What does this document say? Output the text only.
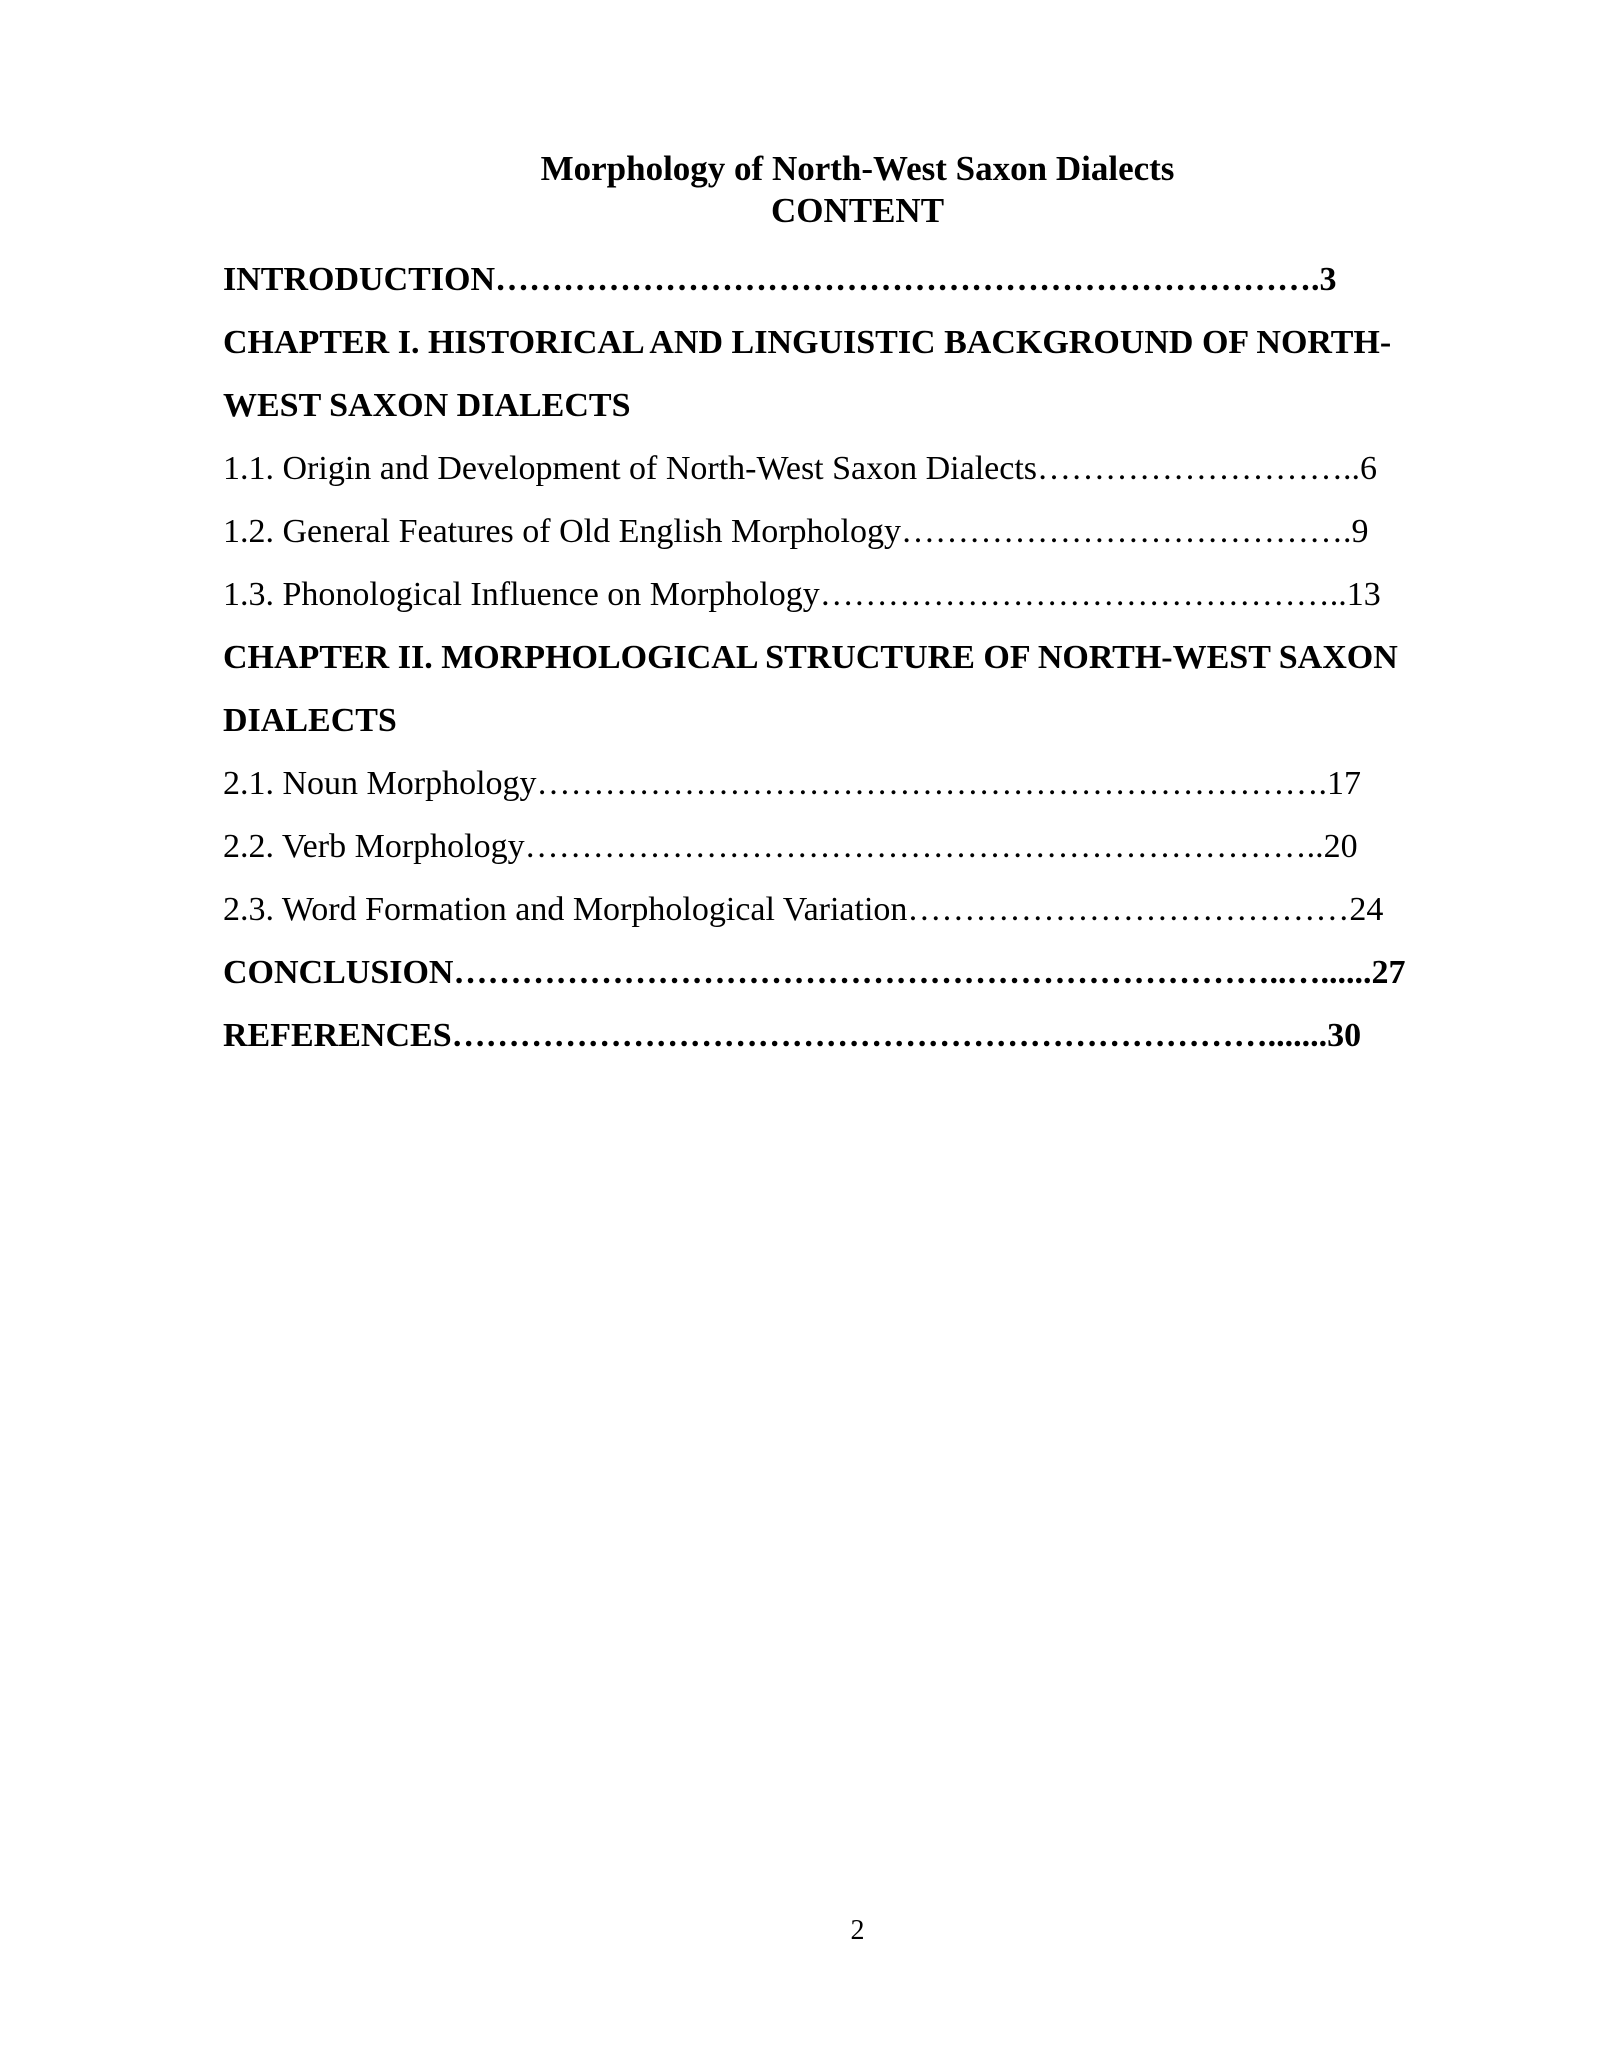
Morphology of North-West Saxon Dialects
CONTENT
INTRODUCTION……………………………………………………………….3
CHAPTER I. HISTORICAL AND LINGUISTIC BACKGROUND OF NORTH-
WEST SAXON DIALECTS
1.1. Origin and Development of North-West Saxon Dialects………………………..6
1.2. General Features of Old English Morphology………………………………….9
1.3. Phonological Influence on Morphology………………………………………..13
CHAPTER II. MORPHOLOGICAL STRUCTURE OF NORTH-WEST SAXON
DIALECTS
2.1. Noun Morphology…………………………………………………………….17
2.2. Verb Morphology……………………………………………………………..20
2.3. Word Formation and Morphological Variation…………………………………24
CONCLUSION………………………………………………………………..…......27
REFERENCES……………………………………………………………….......30
2
